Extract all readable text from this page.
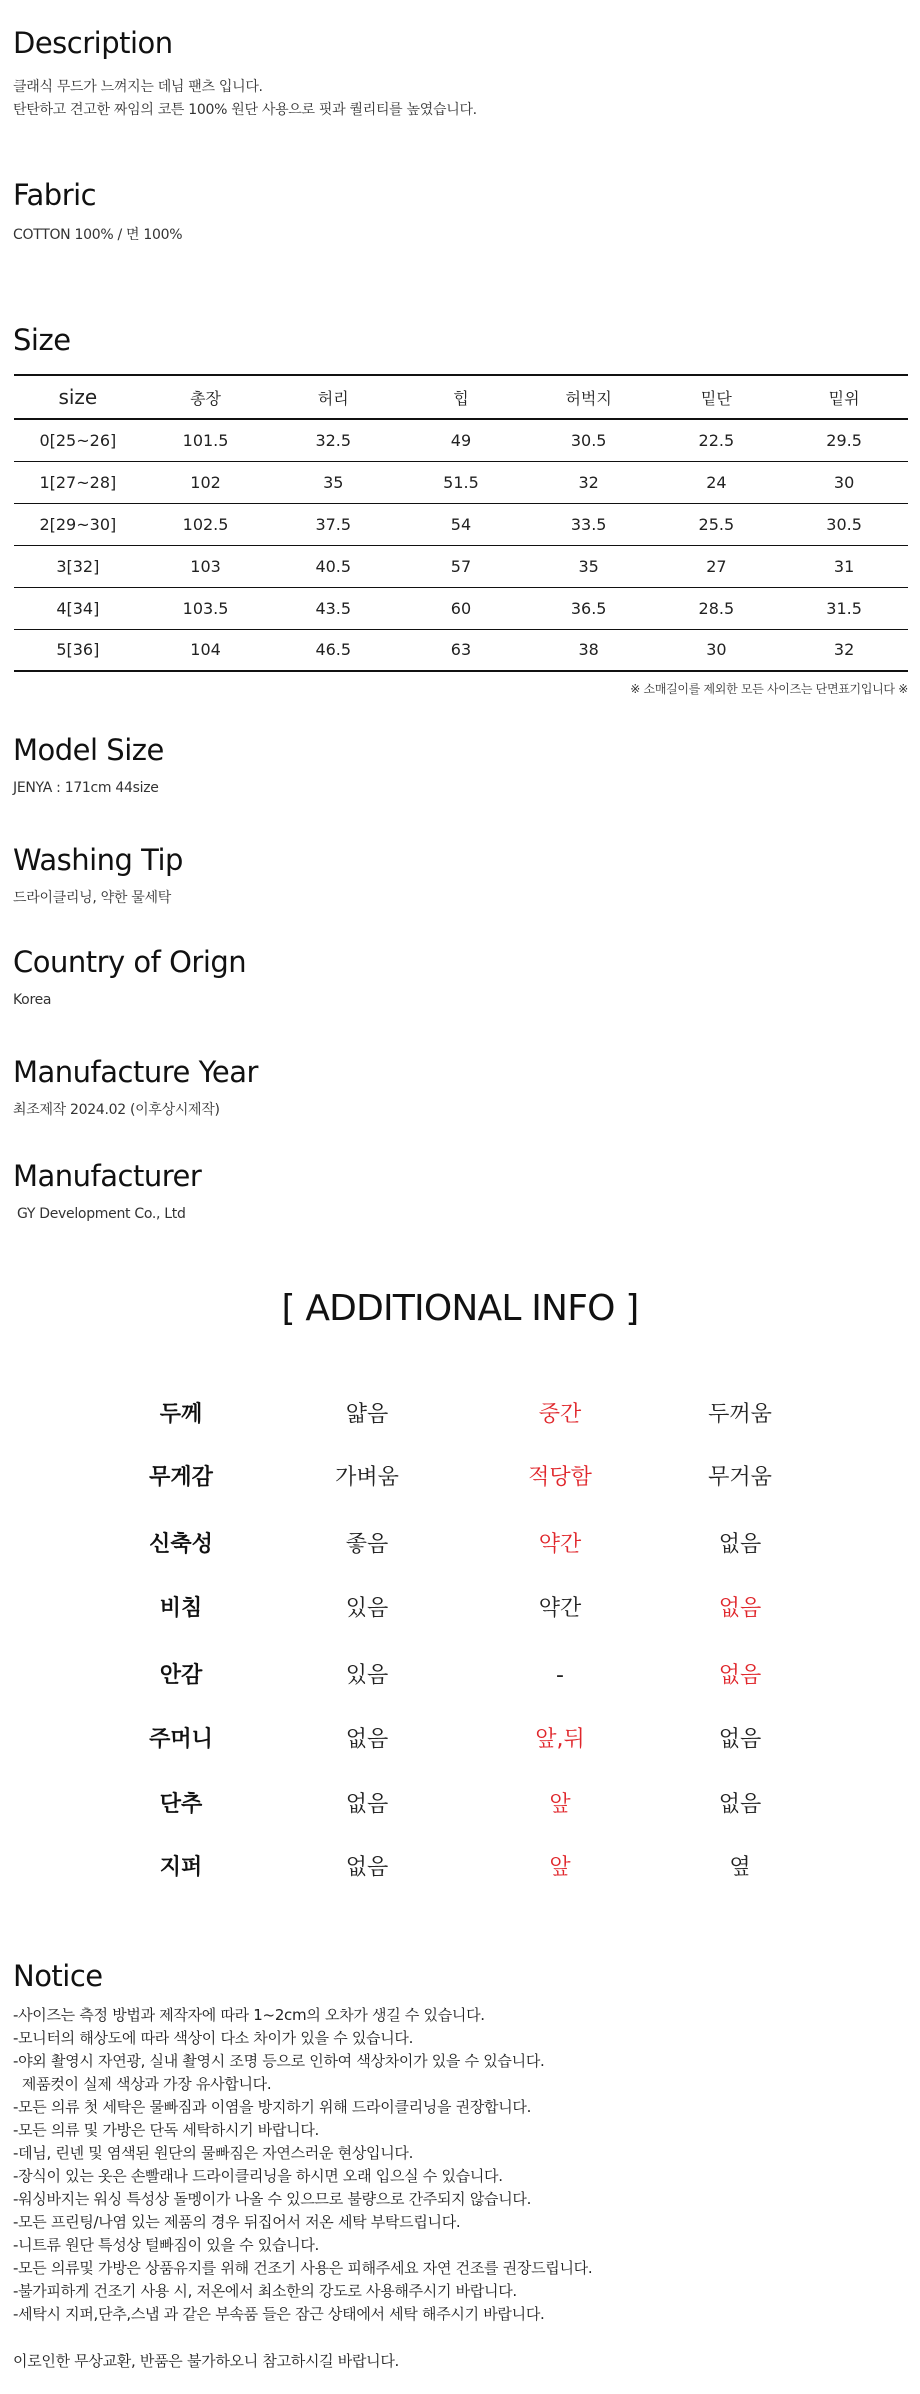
Description
클래식 무드가 느껴지는 데님 팬츠 입니다.
탄탄하고 견고한 짜임의 코튼 100% 원단 사용으로 핏과 퀄리티를 높였습니다.
Fabric
COTTON 100% / 면 100%
Size
size	총장	허리	힙	허벅지	밑단	밑위
0[25~26]	101.5	32.5	49	30.5	22.5	29.5
1[27~28]	102	35	51.5	32	24	30
2[29~30]	102.5	37.5	54	33.5	25.5	30.5
3[32]	103	40.5	57	35	27	31
4[34]	103.5	43.5	60	36.5	28.5	31.5
5[36]	104	46.5	63	38	30	32
※ 소매길이를 제외한 모든 사이즈는 단면표기입니다 ※
Model Size
JENYA : 171cm 44size
Washing Tip
드라이클리닝, 약한 물세탁
Country of Orign
Korea
Manufacture Year
최조제작 2024.02 (이후상시제작)
Manufacturer
GY Development Co., Ltd
[ ADDITIONAL INFO ]
두께	얇음	중간	두꺼움
무게감	가벼움	적당함	무거움
신축성	좋음	약간	없음
비침	있음	약간	없음
안감	있음	-	없음
주머니	없음	앞,뒤	없음
단추	없음	앞	없음
지퍼	없음	앞	옆
Notice
-사이즈는 측정 방법과 제작자에 따라 1~2cm의 오차가 생길 수 있습니다.
-모니터의 해상도에 따라 색상이 다소 차이가 있을 수 있습니다.
-야외 촬영시 자연광, 실내 촬영시 조명 등으로 인하여 색상차이가 있을 수 있습니다.
제품컷이 실제 색상과 가장 유사합니다.
-모든 의류 첫 세탁은 물빠짐과 이염을 방지하기 위해 드라이클리닝을 권장합니다.
-모든 의류 및 가방은 단독 세탁하시기 바랍니다.
-데님, 린넨 및 염색된 원단의 물빠짐은 자연스러운 현상입니다.
-장식이 있는 옷은 손빨래나 드라이클리닝을 하시면 오래 입으실 수 있습니다.
-워싱바지는 워싱 특성상 돌멩이가 나올 수 있으므로 불량으로 간주되지 않습니다.
-모든 프린팅/나염 있는 제품의 경우 뒤집어서 저온 세탁 부탁드립니다.
-니트류 원단 특성상 털빠짐이 있을 수 있습니다.
-모든 의류및 가방은 상품유지를 위해 건조기 사용은 피해주세요 자연 건조를 권장드립니다.
-불가피하게 건조기 사용 시, 저온에서 최소한의 강도로 사용해주시기 바랍니다.
-세탁시 지퍼,단추,스냅 과 같은 부속품 들은 잠근 상태에서 세탁 해주시기 바랍니다.

이로인한 무상교환, 반품은 불가하오니 참고하시길 바랍니다.
